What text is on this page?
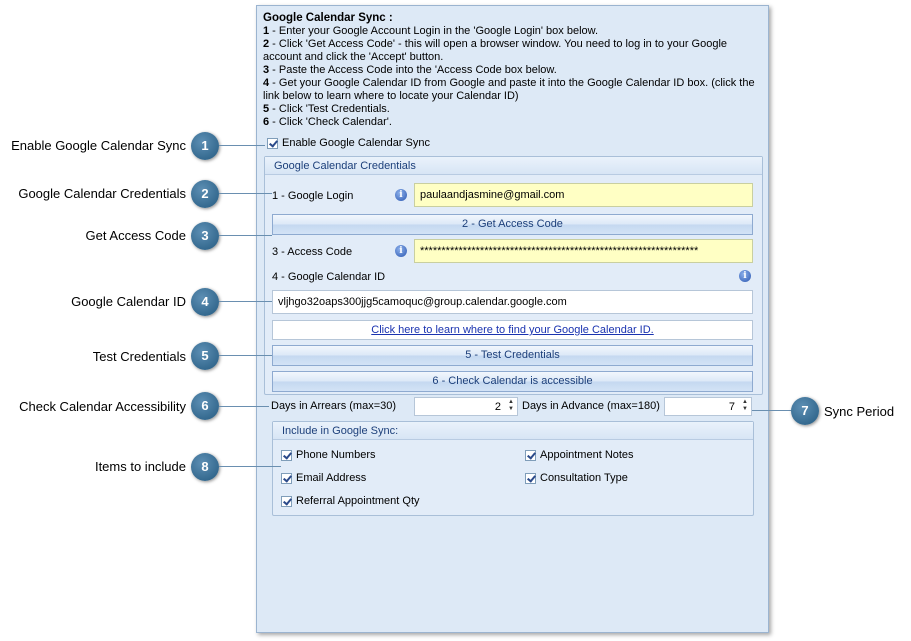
Google Calendar Sync :
1 - Enter your Google Account Login in the 'Google Login' box below.
2 - Click 'Get Access Code' - this will open a browser window. You need to log in to your Google account and click the 'Accept' button.
3 - Paste the Access Code into the 'Access Code box below.
4 - Get your Google Calendar ID from Google and paste it into the Google Calendar ID box. (click the link below to learn where to locate your Calendar ID)
5 - Click 'Test Credentials.
6 - Click 'Check Calendar'.
Enable Google Calendar Sync
Google Calendar Credentials
1 - Google Login	i	paulaandjasmine@gmail.com
2 - Get Access Code
3 - Access Code	i	*****************************************************************
4 - Google Calendar ID	i
vljhgo32oaps300jjg5camoquc@group.calendar.google.com
Click here to learn where to find your Google Calendar ID.
5 - Test Credentials
6 - Check Calendar is accessible
Days in Arrears (max=30)	2 ▲
▼ Days in Advance (max=180)	7 ▲
▼
Include in Google Sync:
Phone Numbers	Appointment Notes
Email Address	Consultation Type
Referral Appointment Qty
Enable Google Calendar Sync	1
Google Calendar Credentials	2
Get Access Code	3
Google Calendar ID	4
Test Credentials	5
Check Calendar Accessibility	6
Items to include	8
7	Sync Period
